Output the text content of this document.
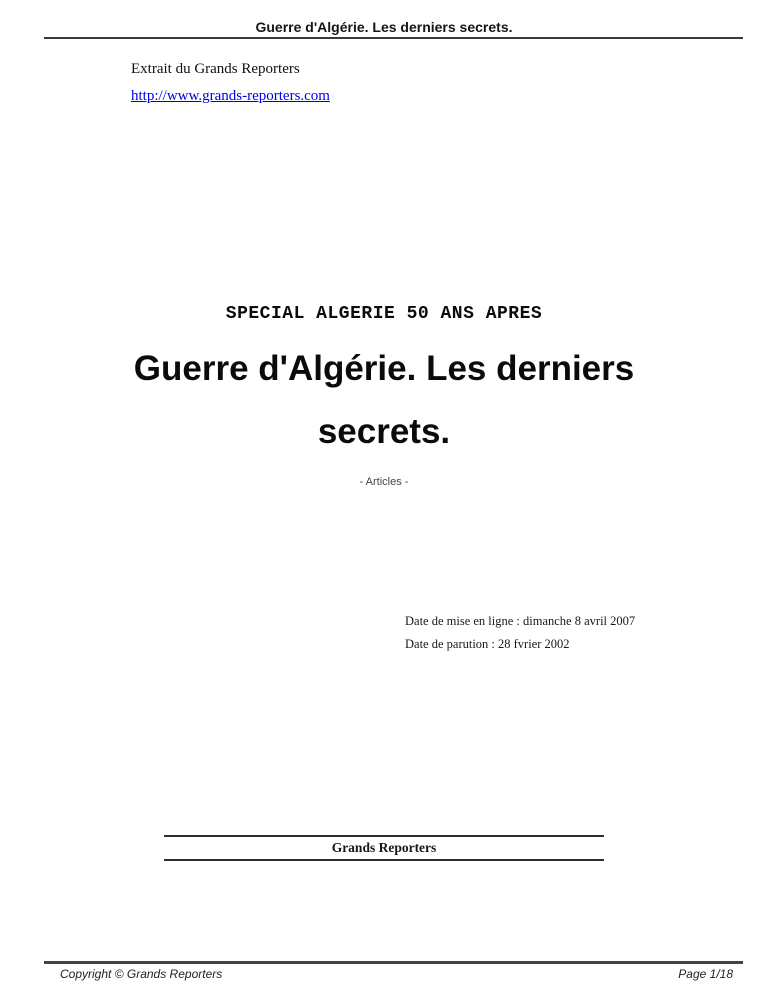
Guerre d'Algérie. Les derniers secrets.
Extrait du Grands Reporters
http://www.grands-reporters.com
SPECIAL ALGERIE 50 ANS APRES
Guerre d'Algérie. Les derniers
secrets.
- Articles -
Date de mise en ligne : dimanche 8 avril 2007
Date de parution : 28 fvrier 2002
Grands Reporters
Copyright © Grands Reporters	Page 1/18
